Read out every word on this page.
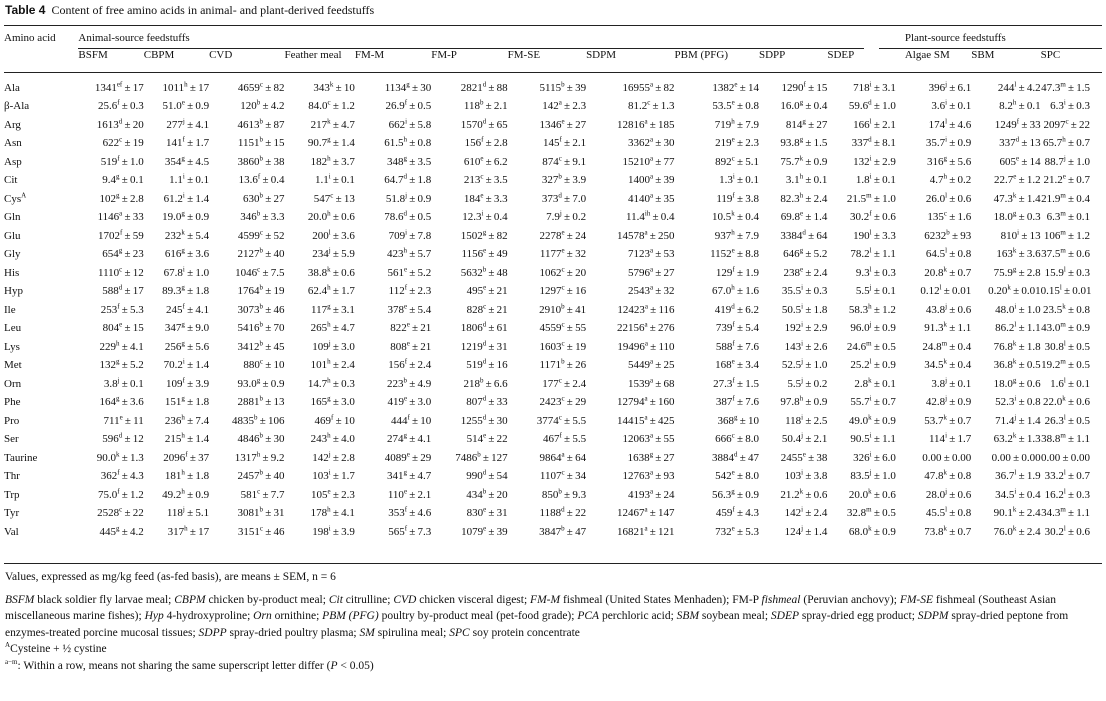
Table 4 Content of free amino acids in animal- and plant-derived feedstuffs
Amino acid	Animal-source feedstuffs											Plant-source feedstuffs		
	BSFM	CBPM	CVD	Feather meal	FM-M	FM-P	FM-SE	SDPM	PBM (PFG)	SDPP	SDEP	Algae SM	SBM	SPC
Ala	$1341^{ef} \pm 17$	$1011^h \pm 17$	$4659^c \pm 82$	$343^k \pm 10$	$1134^g \pm 30$	$2821^d \pm 88$	$5115^b \pm 39$	$16955^a \pm 82$	$1382^e \pm 14$	$1290^f \pm 15$	$718^i \pm 3.1$	$396^j \pm 6.1$	$244^l \pm 4.2$	$47.3^m \pm 1.5$
β-Ala	25.6$^f$ ± 0.3	51.0$^e$ ± 0.9	$120^b \pm 4.2$	84.0$^c$ ± 1.2	26.9$^f$ ± 0.5	$118^b \pm 2.1$	$142^a \pm 2.3$	81.2$^c$ ± 1.3	53.5$^e$ ± 0.8	16.0$^g$ ± 0.4	59.6$^d$ ± 1.0	$3.6^i \pm 0.1$	8.2$^h$ ± 0.1	$6.3^i \pm 0.3$
Arg	$1613^d \pm 20$	$277^j \pm 4.1$	$4613^b \pm 87$	$217^k \pm 4.7$	$662^i \pm 5.8$	$1570^d \pm 65$	$1346^e \pm 27$	$12816^a \pm 185$	$719^h \pm 7.9$	$814^g \pm 27$	$166^l \pm 2.1$	$174^l \pm 4.6$	$1249^f \pm 33$	$2097^c \pm 22$
Asn	$622^c \pm 19$	$141^f \pm 1.7$	$1151^b \pm 15$	90.7$^g$ ± 1.4	61.5$^h$ ± 0.8	$156^f \pm 2.8$	$145^f \pm 2.1$	$3362^a \pm 30$	$219^e \pm 2.3$	93.8$^g$ ± 1.5	$337^d \pm 8.1$	$35.7^i \pm 0.9$	$337^d \pm 13$	65.7$^h$ ± 0.7
Asp	$519^f \pm 1.0$	$354^g \pm 4.5$	$3860^b \pm 38$	$182^h \pm 3.7$	$348^g \pm 3.5$	$610^e \pm 6.2$	$874^c \pm 9.1$	$15210^a \pm 77$	$892^c \pm 5.1$	$75.7^k \pm 0.9$	$132^i \pm 2.9$	$316^g \pm 5.6$	$605^e \pm 14$	$88.7^j \pm 1.0$
Cit	9.4$^g$ ± 0.1	$1.1^i \pm 0.1$	13.6$^f$ ± 0.4	$1.1^i \pm 0.1$	64.7$^d$ ± 1.8	$213^c \pm 3.5$	$327^b \pm 3.9$	$1400^a \pm 39$	$1.3^i \pm 0.1$	3.1$^h$ ± 0.1	$1.8^i \pm 0.1$	4.7$^h$ ± 0.2	22.7$^e$ ± 1.2	21.2$^e$ ± 0.7
Cys$^A$	$102^g \pm 2.8$	$61.2^i \pm 1.4$	$630^b \pm 27$	$547^c \pm 13$	$51.8^j \pm 0.9$	$184^e \pm 3.3$	$373^d \pm 7.0$	$4140^a \pm 35$	$119^f \pm 3.8$	82.3$^h$ ± 2.4	$21.5^m \pm 1.0$	$26.0^l \pm 0.6$	$47.3^k \pm 1.4$	$21.9^m \pm 0.4$
Gln	$1146^a \pm 33$	19.0$^g$ ± 0.9	$346^b \pm 3.3$	20.0$^h$ ± 0.6	78.6$^d$ ± 0.5	$12.3^i \pm 0.4$	$7.9^j \pm 0.2$	$11.4^{ih} \pm 0.4$	$10.5^k \pm 0.4$	69.8$^e$ ± 1.4	30.2$^f$ ± 0.6	$135^c \pm 1.6$	18.0$^g$ ± 0.3	$6.3^m \pm 0.1$
Glu	$1702^f \pm 59$	$232^k \pm 5.4$	$4599^c \pm 52$	$200^l \pm 3.6$	$709^i \pm 7.8$	$1502^g \pm 82$	$2278^e \pm 24$	$14578^a \pm 250$	$937^h \pm 7.9$	$3384^d \pm 64$	$190^l \pm 3.3$	$6232^b \pm 93$	$810^i \pm 13$	$106^m \pm 1.2$
Gly	$654^g \pm 23$	$616^g \pm 3.6$	$2127^b \pm 40$	$234^j \pm 5.9$	$423^h \pm 5.7$	$1156^e \pm 49$	$1177^e \pm 32$	$7123^a \pm 53$	$1152^e \pm 8.8$	$646^g \pm 5.2$	$78.2^l \pm 1.1$	$64.5^l \pm 0.8$	$163^k \pm 3.6$	$37.5^m \pm 0.6$
His	$1110^c \pm 12$	$67.8^i \pm 1.0$	$1046^c \pm 7.5$	$38.8^k \pm 0.6$	$561^e \pm 5.2$	$5632^b \pm 48$	$1062^c \pm 20$	$5796^a \pm 27$	$129^f \pm 1.9$	$238^e \pm 2.4$	$9.3^l \pm 0.3$	$20.8^k \pm 0.7$	75.9$^g$ ± 2.8	$15.9^l \pm 0.3$
Hyp	$588^d \pm 17$	89.3$^g$ ± 1.8	$1764^b \pm 19$	62.4$^h$ ± 1.7	$112^f \pm 2.3$	$495^e \pm 21$	$1297^c \pm 16$	$2543^a \pm 32$	67.0$^h$ ± 1.6	$35.5^i \pm 0.3$	$5.5^j \pm 0.1$	$0.12^l \pm 0.01$	$0.20^k \pm 0.01$	$0.15^l \pm 0.01$
Ile	$253^f \pm 5.3$	$245^f \pm 4.1$	$3073^b \pm 46$	$117^g \pm 3.1$	$378^e \pm 5.4$	$828^c \pm 21$	$2910^b \pm 41$	$12423^a \pm 116$	$419^d \pm 6.2$	$50.5^i \pm 1.8$	58.3$^h$ ± 1.2	$43.8^j \pm 0.6$	$48.0^i \pm 1.0$	$23.5^k \pm 0.8$
Leu	$804^e \pm 15$	$347^g \pm 9.0$	$5416^b \pm 70$	$265^h \pm 4.7$	$822^e \pm 21$	$1806^d \pm 61$	$4559^c \pm 55$	$22156^a \pm 276$	$739^f \pm 5.4$	$192^i \pm 2.9$	$96.0^j \pm 0.9$	$91.3^k \pm 1.1$	$86.2^l \pm 1.1$	$43.0^m \pm 0.9$
Lys	$229^h \pm 4.1$	$256^g \pm 5.6$	$3412^b \pm 45$	$109^j \pm 3.0$	$808^e \pm 21$	$1219^d \pm 31$	$1603^c \pm 19$	$19496^a \pm 110$	$588^f \pm 7.6$	$143^i \pm 2.6$	$24.6^m \pm 0.5$	$24.8^m \pm 0.4$	$76.8^k \pm 1.8$	$30.8^l \pm 0.5$
Met	$132^g \pm 5.2$	$70.2^i \pm 1.4$	$880^c \pm 10$	$101^h \pm 2.4$	$156^f \pm 2.4$	$519^d \pm 16$	$1171^b \pm 26$	$5449^a \pm 25$	$168^e \pm 3.4$	$52.5^j \pm 1.0$	$25.2^l \pm 0.9$	$34.5^k \pm 0.4$	$36.8^k \pm 0.5$	$19.2^m \pm 0.5$
Orn	$3.8^j \pm 0.1$	$109^f \pm 3.9$	93.0$^g$ ± 0.9	14.7$^h$ ± 0.3	$223^b \pm 4.9$	$218^b \pm 6.6$	$177^c \pm 2.4$	$1539^a \pm 68$	27.3$^f$ ± 1.5	$5.5^j \pm 0.2$	$2.8^k \pm 0.1$	$3.8^j \pm 0.1$	18.0$^g$ ± 0.6	$1.6^l \pm 0.1$
Phe	$164^g \pm 3.6$	$151^g \pm 1.8$	$2881^b \pm 13$	$165^g \pm 3.0$	$419^e \pm 3.0$	$807^d \pm 33$	$2423^c \pm 29$	$12794^a \pm 160$	$387^f \pm 7.6$	97.8$^h$ ± 0.9	$55.7^i \pm 0.7$	$42.8^j \pm 0.9$	$52.3^i \pm 0.8$	$22.0^k \pm 0.6$
Pro	$711^e \pm 11$	$236^h \pm 7.4$	$4835^b \pm 106$	$469^f \pm 10$	$444^f \pm 10$	$1255^d \pm 30$	$3774^c \pm 5.5$	$14415^a \pm 425$	$368^g \pm 10$	$118^i \pm 2.5$	$49.0^k \pm 0.9$	$53.7^k \pm 0.7$	$71.4^j \pm 1.4$	$26.3^l \pm 0.5$
Ser	$596^d \pm 12$	$215^h \pm 1.4$	$4846^b \pm 30$	$243^h \pm 4.0$	$274^g \pm 4.1$	$514^e \pm 22$	$467^f \pm 5.5$	$12063^a \pm 55$	$666^c \pm 8.0$	$50.4^j \pm 2.1$	$90.5^i \pm 1.1$	$114^i \pm 1.7$	$63.2^k \pm 1.3$	$38.8^m \pm 1.1$
Taurine	$90.0^k \pm 1.3$	$2096^f \pm 37$	$1317^h \pm 9.2$	$142^j \pm 2.8$	$4089^e \pm 29$	$7486^b \pm 127$	$9864^a \pm 64$	$1638^g \pm 27$	$3884^d \pm 47$	$2455^e \pm 38$	$326^i \pm 6.0$	0.00 ± 0.00	0.00 ± 0.00	0.00 ± 0.00
Thr	$362^f \pm 4.3$	$181^h \pm 1.8$	$2457^b \pm 40$	$103^i \pm 1.7$	$341^g \pm 4.7$	$990^d \pm 54$	$1107^c \pm 34$	$12763^a \pm 93$	$542^e \pm 8.0$	$103^i \pm 3.8$	$83.5^j \pm 1.0$	$47.8^k \pm 0.8$	$36.7^l \pm 1.9$	$33.2^l \pm 0.7$
Trp	75.0$^f$ ± 1.2	49.2$^h$ ± 0.9	$581^c \pm 7.7$	$105^e \pm 2.3$	$110^e \pm 2.1$	$434^b \pm 20$	$850^b \pm 9.3$	$4193^a \pm 24$	56.3$^g$ ± 0.9	$21.2^k \pm 0.6$	$20.0^k \pm 0.6$	$28.0^j \pm 0.6$	$34.5^i \pm 0.4$	$16.2^l \pm 0.3$
Tyr	$2528^c \pm 22$	$118^j \pm 5.1$	$3081^b \pm 31$	$178^h \pm 4.1$	$353^f \pm 4.6$	$830^e \pm 31$	$1188^d \pm 22$	$12467^a \pm 147$	$459^f \pm 4.3$	$142^i \pm 2.4$	$32.8^m \pm 0.5$	$45.5^l \pm 0.8$	$90.1^k \pm 2.4$	$34.3^m \pm 1.1$
Val	$445^g \pm 4.2$	$317^h \pm 17$	$3151^c \pm 46$	$198^i \pm 3.9$	$565^f \pm 7.3$	$1079^e \pm 39$	$3847^b \pm 47$	$16821^a \pm 121$	$732^e \pm 5.3$	$124^j \pm 1.4$	$68.0^k \pm 0.9$	$73.8^k \pm 0.7$	$76.0^k \pm 2.4$	$30.2^l \pm 0.6$

Values, expressed as mg/kg feed (as-fed basis), are means ± SEM, n = 6

BSFM black soldier fly larvae meal; CBPM chicken by-product meal; Cit citrulline; CVD chicken visceral digest; FM-M fishmeal (United States Menhaden); FM-P fishmeal (Peruvian anchovy); FM-SE fishmeal (Southeast Asian miscellaneous marine fishes); Hyp 4-hydroxyproline; Orn ornithine; PBM (PFG) poultry by-product meal (pet-food grade); PCA perchloric acid; SBM soybean meal; SDEP spray-dried egg product; SDPM spray-dried peptone from enzymes-treated porcine mucosal tissues; SDPP spray-dried poultry plasma; SM spirulina meal; SPC soy protein concentrate

$^A$Cysteine + ½ cystine

$^{a-m}$: Within a row, means not sharing the same superscript letter differ (P < 0.05)
